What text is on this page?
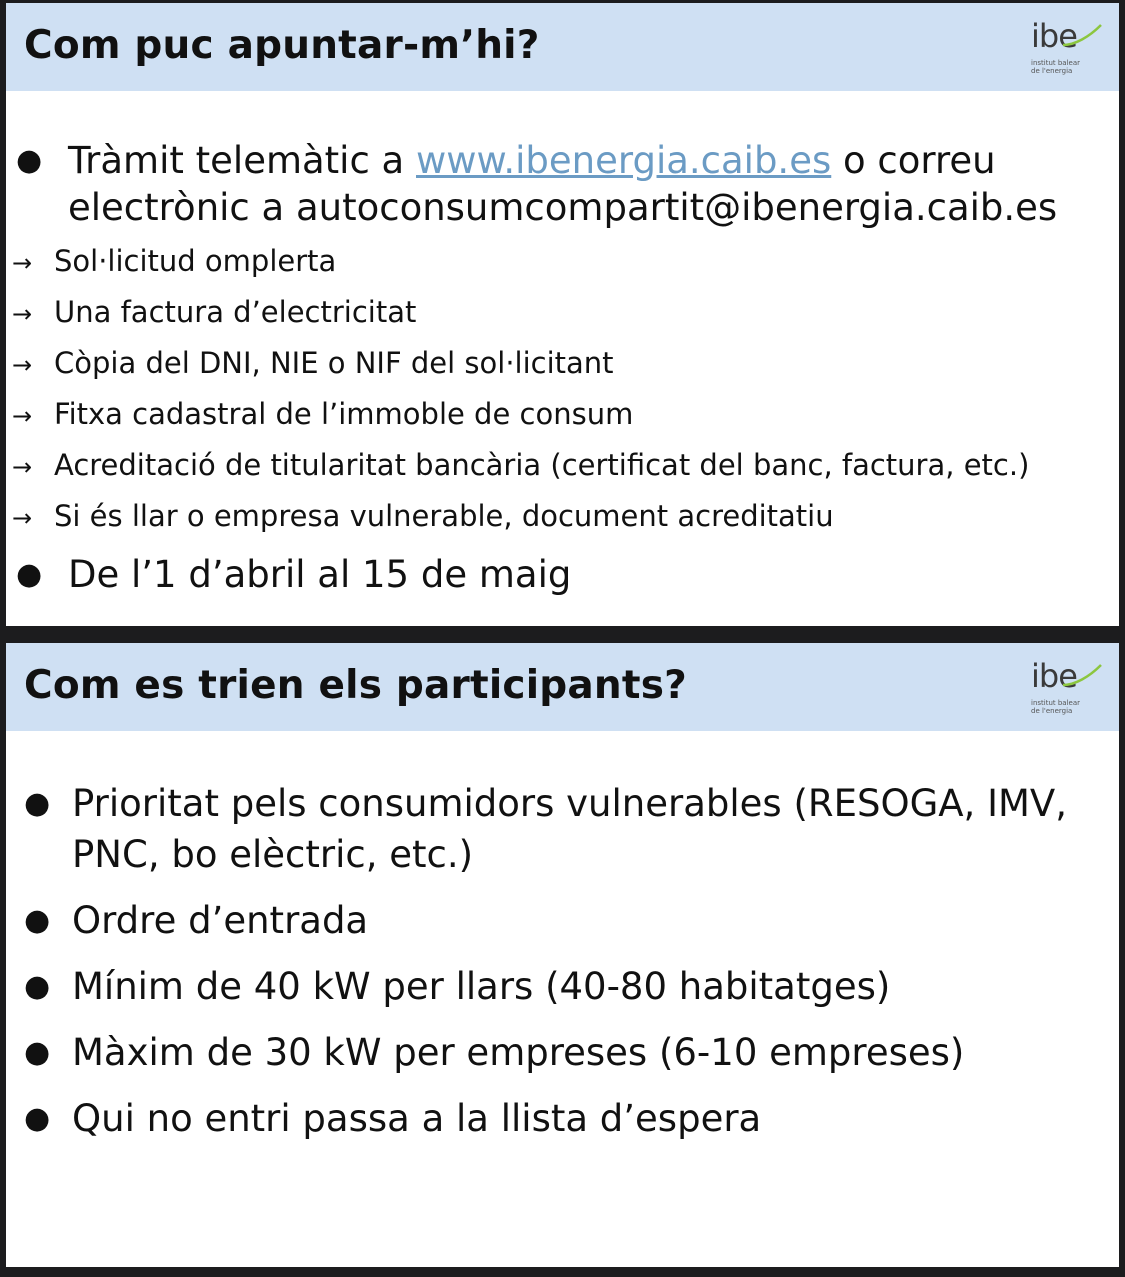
Com puc apuntar-m’hi?	ibe
institut balear
de l'energia
● Tràmit telemàtic a www.ibenergia.caib.es o correu
electrònic a autoconsumcompartit@ibenergia.caib.es
→ Sol·licitud omplerta
→ Una factura d’electricitat
→ Còpia del DNI, NIE o NIF del sol·licitant
→ Fitxa cadastral de l’immoble de consum
→ Acreditació de titularitat bancària (certificat del banc, factura, etc.)
→ Si és llar o empresa vulnerable, document acreditatiu
● De l’1 d’abril al 15 de maig
Com es trien els participants?	ibe
institut balear
de l'energia
● Prioritat pels consumidors vulnerables (RESOGA, IMV,
PNC, bo elèctric, etc.)
● Ordre d’entrada
● Mínim de 40 kW per llars (40-80 habitatges)
● Màxim de 30 kW per empreses (6-10 empreses)
● Qui no entri passa a la llista d’espera
